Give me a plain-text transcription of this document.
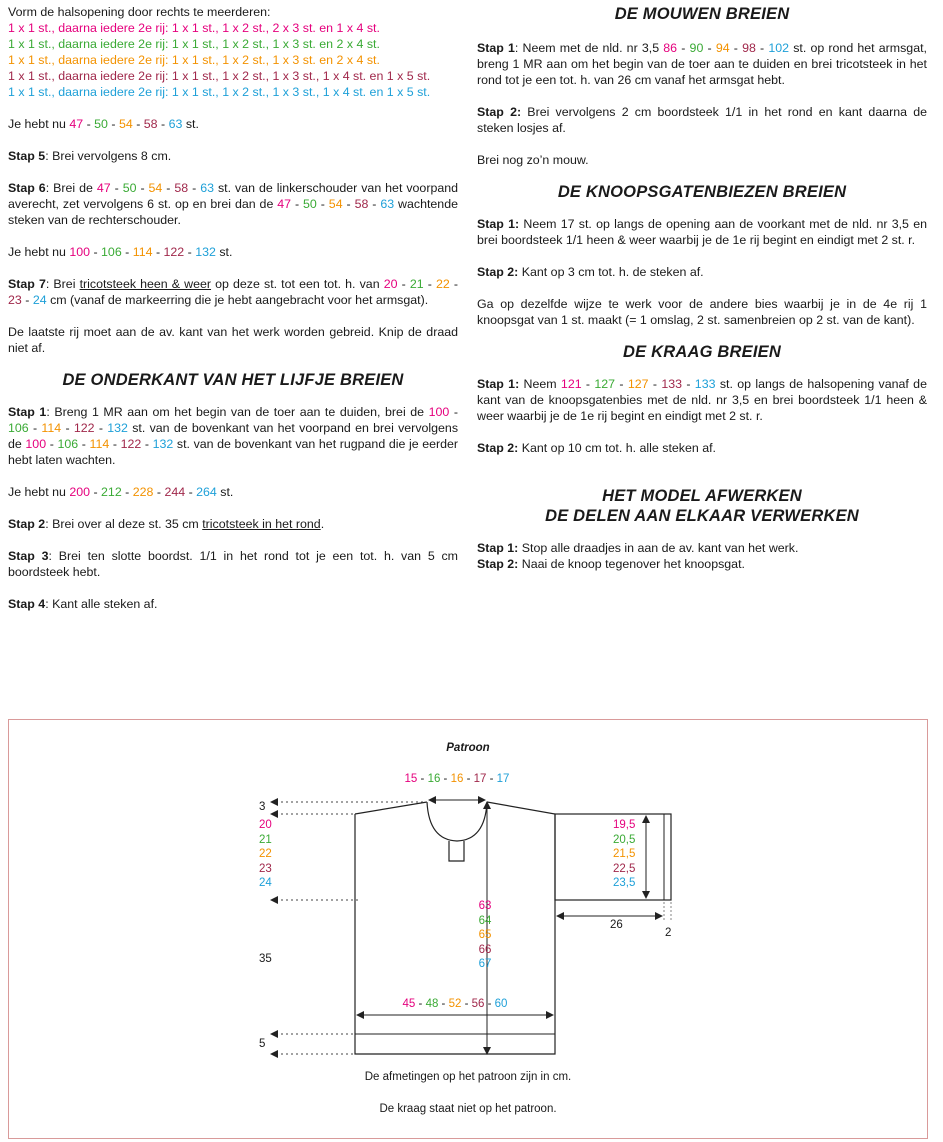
Vorm de halsopening door rechts te meerderen:

1 x 1 st., daarna iedere 2e rij: 1 x 1 st., 1 x 2 st., 2 x 3 st. en 1 x 4 st.
1 x 1 st., daarna iedere 2e rij: 1 x 1 st., 1 x 2 st., 1 x 3 st. en 2 x 4 st.
1 x 1 st., daarna iedere 2e rij: 1 x 1 st., 1 x 2 st., 1 x 3 st. en 2 x 4 st.
1 x 1 st., daarna iedere 2e rij: 1 x 1 st., 1 x 2 st., 1 x 3 st., 1 x 4 st. en 1 x 5 st.
1 x 1 st., daarna iedere 2e rij: 1 x 1 st., 1 x 2 st., 1 x 3 st., 1 x 4 st. en 1 x 5 st.

Je hebt nu 47 - 50 - 54 - 58 - 63 st.

Stap 5: Brei vervolgens 8 cm.

Stap 6: Brei de 47 - 50 - 54 - 58 - 63 st. van de linkerschouder van het voorpand averecht, zet vervolgens 6 st. op en brei dan de 47 - 50 - 54 - 58 - 63 wachtende steken van de rechterschouder.

Je hebt nu 100 - 106 - 114 - 122 - 132 st.

Stap 7: Brei tricotsteek heen & weer op deze st. tot een tot. h. van 20 - 21 - 22 - 23 - 24 cm (vanaf de markeerring die je hebt aangebracht voor het armsgat).

De laatste rij moet aan de av. kant van het werk worden gebreid. Knip de draad niet af.

DE ONDERKANT VAN HET LIJFJE BREIEN

Stap 1: Breng 1 MR aan om het begin van de toer aan te duiden, brei de 100 - 106 - 114 - 122 - 132 st. van de bovenkant van het voorpand en brei vervolgens de 100 - 106 - 114 - 122 - 132 st. van de bovenkant van het rugpand die je eerder hebt laten wachten.

Je hebt nu 200 - 212 - 228 - 244 - 264 st.

Stap 2: Brei over al deze st. 35 cm tricotsteek in het rond.

Stap 3: Brei ten slotte boordst. 1/1 in het rond tot je een tot. h. van 5 cm boordsteek hebt.

Stap 4: Kant alle steken af.

DE MOUWEN BREIEN

Stap 1: Neem met de nld. nr 3,5 86 - 90 - 94 - 98 - 102 st. op rond het armsgat, breng 1 MR aan om het begin van de toer aan te duiden en brei tricotsteek in het rond tot je een tot. h. van 26 cm vanaf het armsgat hebt.

Stap 2: Brei vervolgens 2 cm boordsteek 1/1 in het rond en kant daarna de steken losjes af.

Brei nog zo’n mouw.

DE KNOOPSGATENBIEZEN BREIEN

Stap 1: Neem 17 st. op langs de opening aan de voorkant met de nld. nr 3,5 en brei boordsteek 1/1 heen & weer waarbij je de 1e rij begint en eindigt met 2 st. r.

Stap 2: Kant op 3 cm tot. h. de steken af.

Ga op dezelfde wijze te werk voor de andere bies waarbij je in de 4e rij 1 knoopsgat van 1 st. maakt (= 1 omslag, 2 st. samenbreien op 2 st. van de kant).

DE KRAAG BREIEN

Stap 1: Neem 121 - 127 - 127 - 133 - 133 st. op langs de halsopening vanaf de kant van de knoopsgatenbies met de nld. nr 3,5 en brei boordsteek 1/1 heen & weer waarbij je de 1e rij begint en eindigt met 2 st. r.

Stap 2: Kant op 10 cm tot. h. alle steken af.

HET MODEL AFWERKEN
DE DELEN AAN ELKAAR VERWERKEN

Stap 1: Stop alle draadjes in aan de av. kant van het werk.

Stap 2: Naai de knoop tegenover het knoopsgat.

Patroon
15 - 16 - 16 - 17 - 17
3
20
21
22
23
24
35
5
63
64
65
66
67
45 - 48 - 52 - 56 - 60
19,5
20,5
21,5
22,5
23,5
26
2
De afmetingen op het patroon zijn in cm.
De kraag staat niet op het patroon.
